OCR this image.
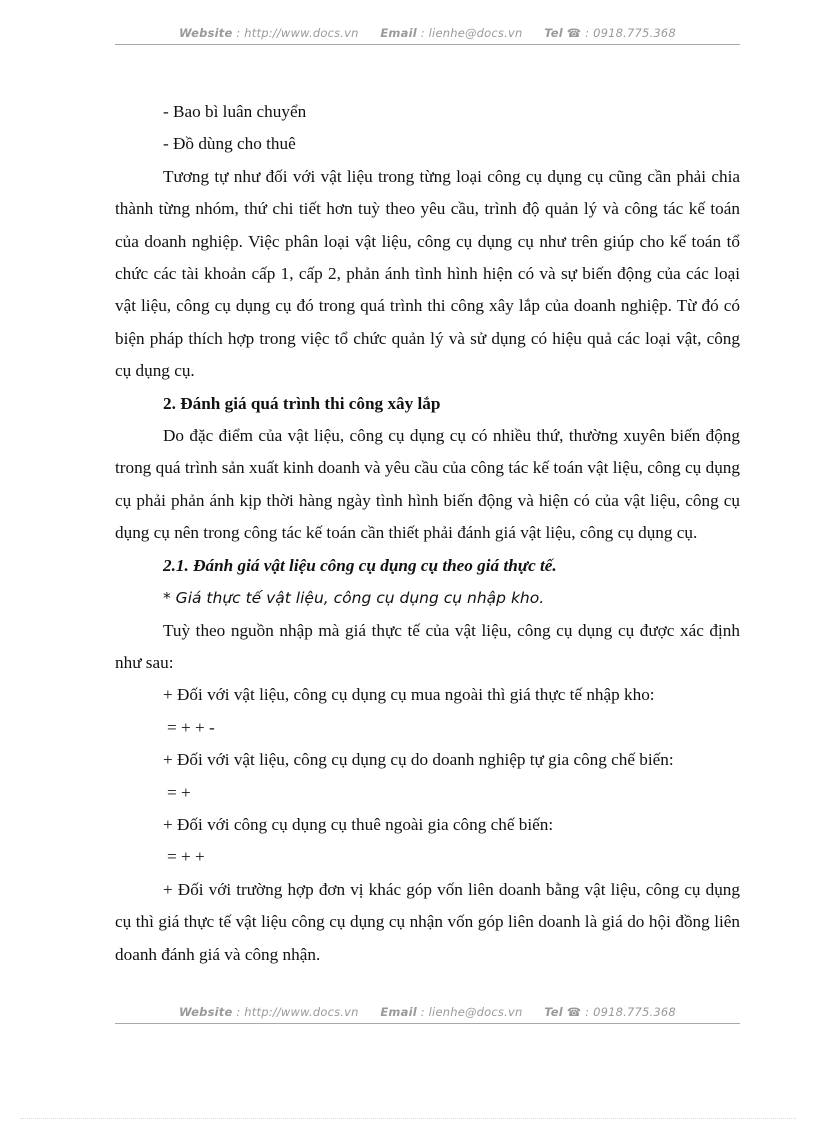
Website : http://www.docs.vn Email : lienhe@docs.vn Tel ☎ : 0918.775.368

- Bao bì luân chuyển

- Đồ dùng cho thuê

Tương tự như đối với vật liệu trong từng loại công cụ dụng cụ cũng cần phải chia thành từng nhóm, thứ chi tiết hơn tuỳ theo yêu cầu, trình độ quản lý và công tác kế toán của doanh nghiệp. Việc phân loại vật liệu, công cụ dụng cụ như trên giúp cho kế toán tổ chức các tài khoản cấp 1, cấp 2, phản ánh tình hình hiện có và sự biến động của các loại vật liệu, công cụ dụng cụ đó trong quá trình thi công xây lắp của doanh nghiệp. Từ đó có biện pháp thích hợp trong việc tổ chức quản lý và sử dụng có hiệu quả các loại vật, công cụ dụng cụ.

2. Đánh giá quá trình thi công xây lắp

Do đặc điểm của vật liệu, công cụ dụng cụ có nhiều thứ, thường xuyên biến động trong quá trình sản xuất kinh doanh và yêu cầu của công tác kế toán vật liệu, công cụ dụng cụ phải phản ánh kịp thời hàng ngày tình hình biến động và hiện có của vật liệu, công cụ dụng cụ nên trong công tác kế toán cần thiết phải đánh giá vật liệu, công cụ dụng cụ.

2.1. Đánh giá vật liệu công cụ dụng cụ theo giá thực tế.

* Giá thực tế vật liệu, công cụ dụng cụ nhập kho.

Tuỳ theo nguồn nhập mà giá thực tế của vật liệu, công cụ dụng cụ được xác định như sau:

+ Đối với vật liệu, công cụ dụng cụ mua ngoài thì giá thực tế nhập kho:

= + + -

+ Đối với vật liệu, công cụ dụng cụ do doanh nghiệp tự gia công chế biến:

= +

+ Đối với công cụ dụng cụ thuê ngoài gia công chế biến:

= + +

+ Đối với trường hợp đơn vị khác góp vốn liên doanh bằng vật liệu, công cụ dụng cụ thì giá thực tế vật liệu công cụ dụng cụ nhận vốn góp liên doanh là giá do hội đồng liên doanh đánh giá và công nhận.

Website : http://www.docs.vn Email : lienhe@docs.vn Tel ☎ : 0918.775.368
